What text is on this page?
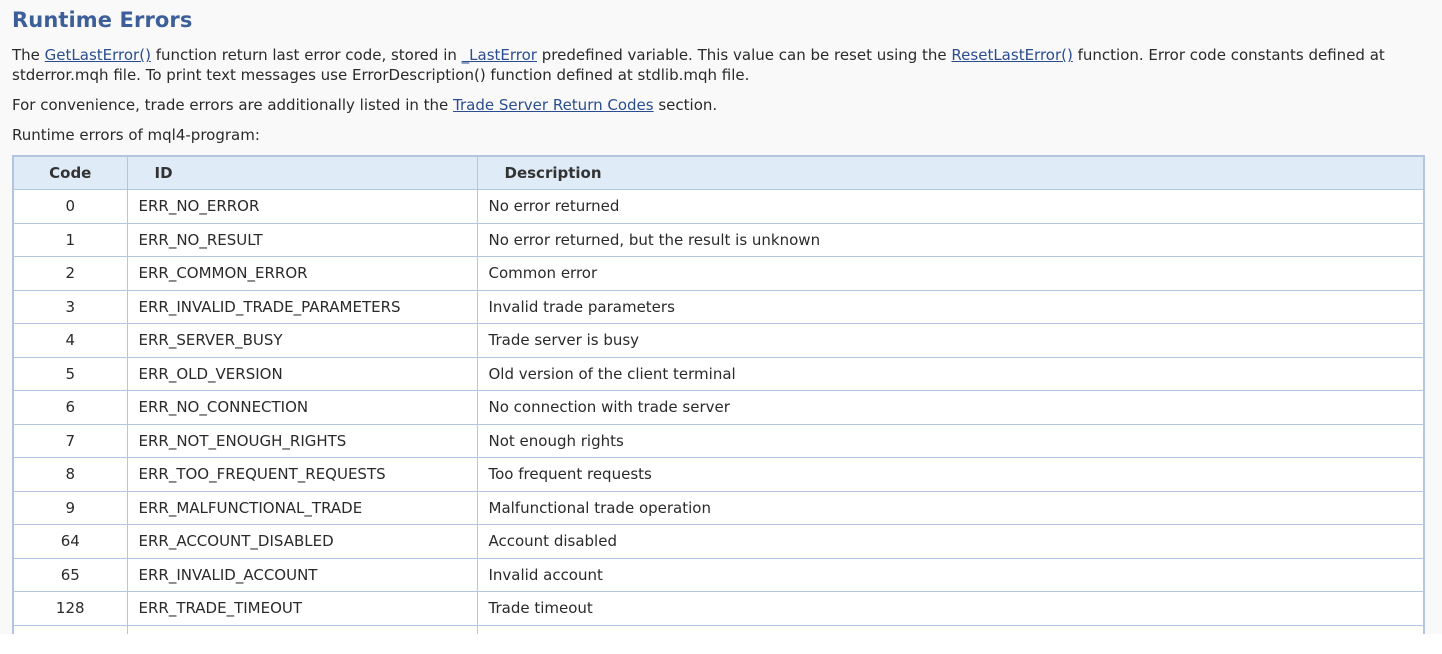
Runtime Errors
The GetLastError() function return last error code, stored in _LastError predefined variable. This value can be reset using the ResetLastError() function. Error code constants defined at stderror.mqh file. To print text messages use ErrorDescription() function defined at stdlib.mqh file.
For convenience, trade errors are additionally listed in the Trade Server Return Codes section.
Runtime errors of mql4-program:
Code	ID	Description
0	ERR_NO_ERROR	No error returned
1	ERR_NO_RESULT	No error returned, but the result is unknown
2	ERR_COMMON_ERROR	Common error
3	ERR_INVALID_TRADE_PARAMETERS	Invalid trade parameters
4	ERR_SERVER_BUSY	Trade server is busy
5	ERR_OLD_VERSION	Old version of the client terminal
6	ERR_NO_CONNECTION	No connection with trade server
7	ERR_NOT_ENOUGH_RIGHTS	Not enough rights
8	ERR_TOO_FREQUENT_REQUESTS	Too frequent requests
9	ERR_MALFUNCTIONAL_TRADE	Malfunctional trade operation
64	ERR_ACCOUNT_DISABLED	Account disabled
65	ERR_INVALID_ACCOUNT	Invalid account
128	ERR_TRADE_TIMEOUT	Trade timeout
